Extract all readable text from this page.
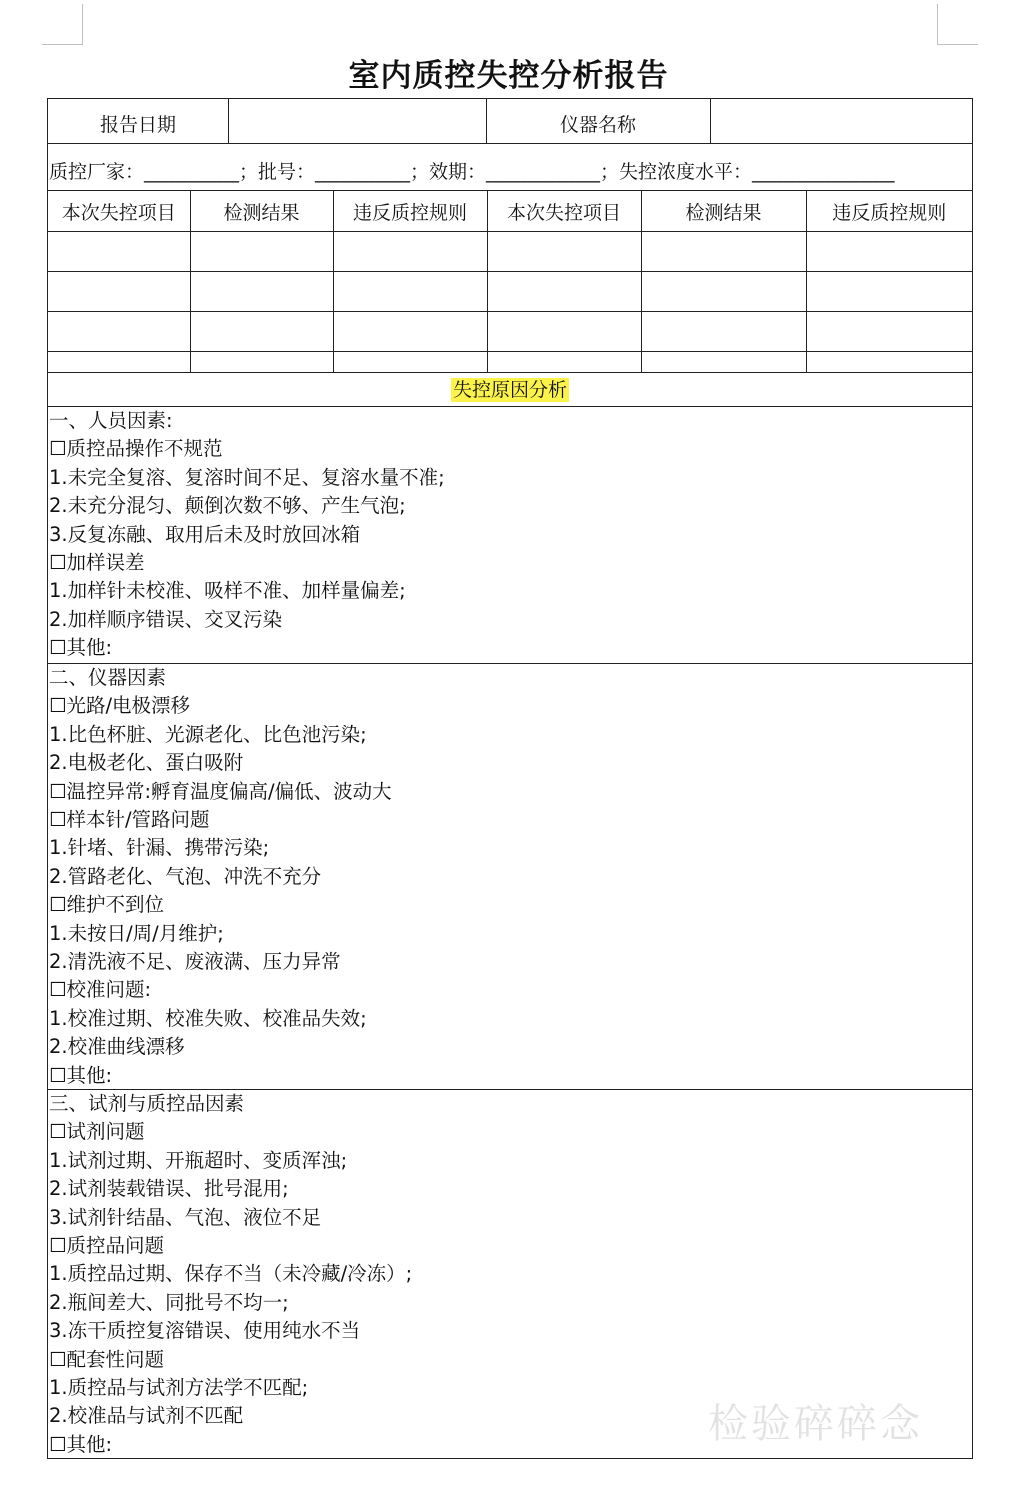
室内质控失控分析报告
报告日期	仪器名称
质控厂家：__________；批号：__________；效期：____________；失控浓度水平：_______________
本次失控项目	检测结果	违反质控规则	本次失控项目	检测结果	违反质控规则

失控原因分析
一、人员因素:
☐质控品操作不规范
1.未完全复溶、复溶时间不足、复溶水量不准;
2.未充分混匀、颠倒次数不够、产生气泡;
3.反复冻融、取用后未及时放回冰箱
☐加样误差
1.加样针未校准、吸样不准、加样量偏差;
2.加样顺序错误、交叉污染
☐其他:
二、仪器因素
☐光路/电极漂移
1.比色杯脏、光源老化、比色池污染;
2.电极老化、蛋白吸附
☐温控异常:孵育温度偏高/偏低、波动大
☐样本针/管路问题
1.针堵、针漏、携带污染;
2.管路老化、气泡、冲洗不充分
☐维护不到位
1.未按日/周/月维护;
2.清洗液不足、废液满、压力异常
☐校准问题:
1.校准过期、校准失败、校准品失效;
2.校准曲线漂移
☐其他:
三、试剂与质控品因素
☐试剂问题
1.试剂过期、开瓶超时、变质浑浊;
2.试剂装载错误、批号混用;
3.试剂针结晶、气泡、液位不足
☐质控品问题
1.质控品过期、保存不当（未冷藏/冷冻）;
2.瓶间差大、同批号不均一;
3.冻干质控复溶错误、使用纯水不当
☐配套性问题
1.质控品与试剂方法学不匹配;
2.校准品与试剂不匹配
☐其他:	检验碎碎念
